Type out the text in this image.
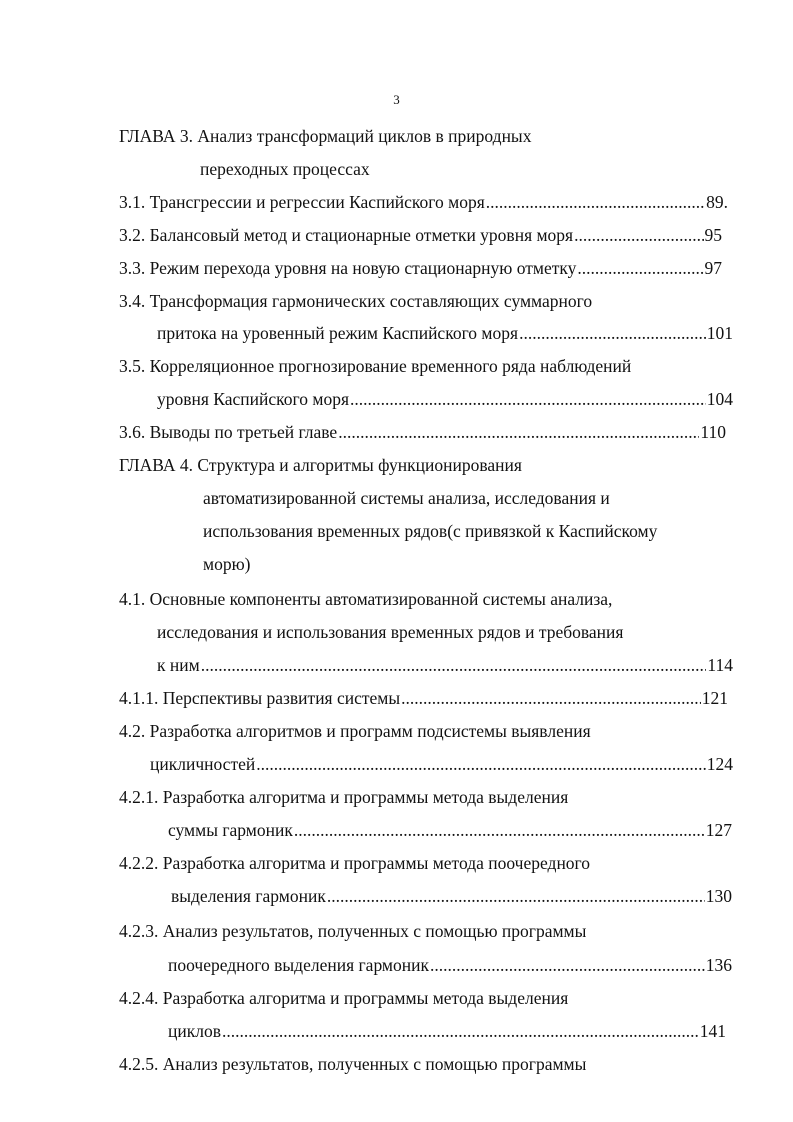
3
ГЛАВА 3. Анализ трансформаций циклов в природных
переходных процессах
3.1. Трансгрессии и регрессии Каспийского моря .....	89.
3.2. Балансовый метод и стационарные отметки уровня моря .....	95
3.3. Режим перехода уровня на новую стационарную отметку .....	97
3.4. Трансформация гармонических составляющих суммарного
притока на уровенный режим Каспийского моря .....	101
3.5. Корреляционное прогнозирование временного ряда наблюдений
уровня Каспийского моря .....	104
3.6. Выводы по третьей главе .....	110
ГЛАВА 4. Структура и алгоритмы функционирования
автоматизированной системы анализа, исследования и
использования временных рядов(с привязкой к Каспийскому
морю)
4.1. Основные компоненты автоматизированной системы анализа,
исследования и использования временных рядов и требования
к ним .....	114
4.1.1. Перспективы развития системы .....	121
4.2. Разработка алгоритмов и программ подсистемы выявления
цикличностей .....	124
4.2.1. Разработка алгоритма и программы метода выделения
суммы гармоник .....	127
4.2.2. Разработка алгоритма и программы метода поочередного
выделения гармоник .....	130
4.2.3. Анализ результатов, полученных с помощью программы
поочередного выделения гармоник .....	136
4.2.4. Разработка алгоритма и программы метода выделения
циклов .....	141
4.2.5. Анализ результатов, полученных с помощью программы
